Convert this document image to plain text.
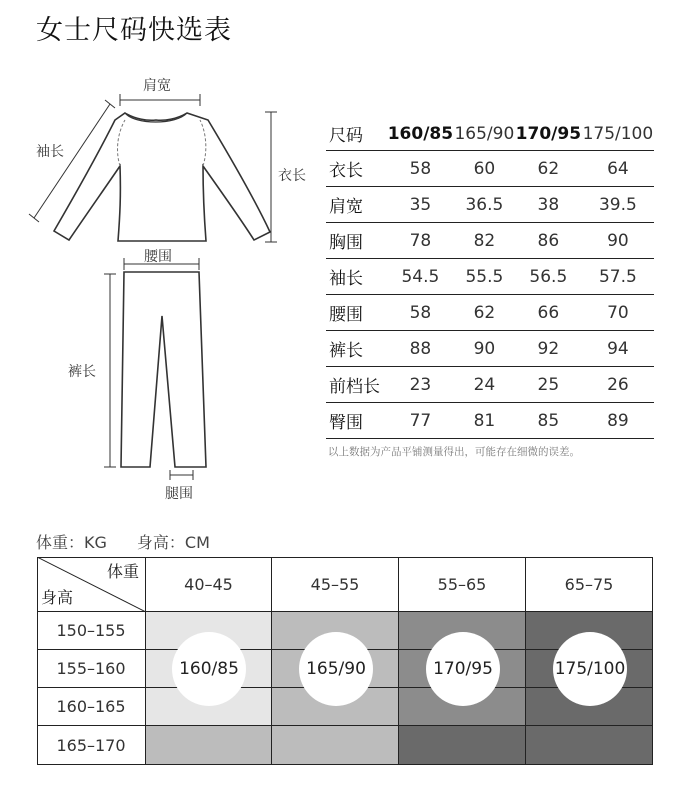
女士尺码快选表
肩宽
袖长
衣长
腰围
裤长
腿围
尺码	160/85	165/90	170/95	175/100
衣长	58	60	62	64
肩宽	35	36.5	38	39.5
胸围	78	82	86	90
袖长	54.5	55.5	56.5	57.5
腰围	58	62	66	70
裤长	88	90	92	94
前档长	23	24	25	26
臀围	77	81	85	89
以上数据为产品平铺测量得出，可能存在细微的误差。
体重：KG 身高：CM
体重
身高
40–45	45–55	55–65	65–75
150–155
155–160
160–165
165–170
160/85	165/90	170/95	175/100
